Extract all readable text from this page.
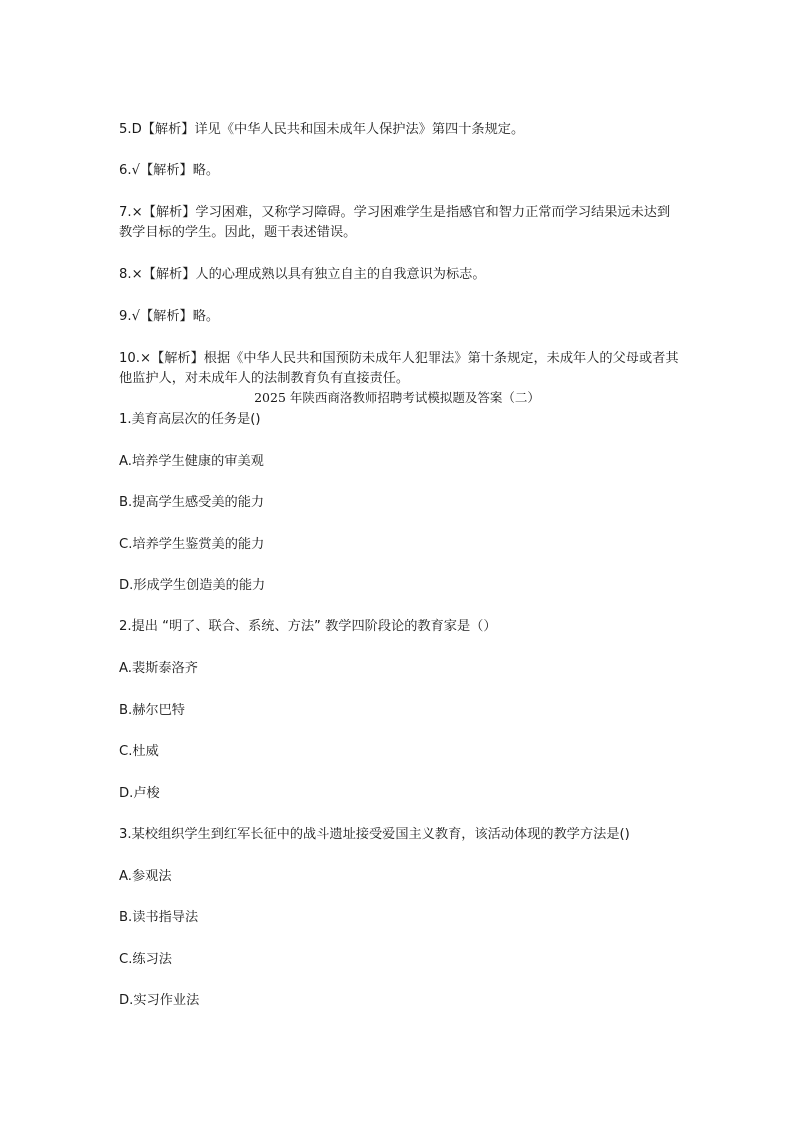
5.D【解析】详见《中华人民共和国未成年人保护法》第四十条规定。
6.√【解析】略。
7.×【解析】学习困难，又称学习障碍。学习困难学生是指感官和智力正常而学习结果远未达到教学目标的学生。因此，题干表述错误。
8.×【解析】人的心理成熟以具有独立自主的自我意识为标志。
9.√【解析】略。
10.×【解析】根据《中华人民共和国预防未成年人犯罪法》第十条规定，未成年人的父母或者其他监护人，对未成年人的法制教育负有直接责任。
2025 年陕西商洛教师招聘考试模拟题及答案（二）
1.美育高层次的任务是()
A.培养学生健康的审美观
B.提高学生感受美的能力
C.培养学生鉴赏美的能力
D.形成学生创造美的能力
2.提出 “明了、联合、系统、方法” 教学四阶段论的教育家是（）
A.裴斯泰洛齐
B.赫尔巴特
C.杜威
D.卢梭
3.某校组织学生到红军长征中的战斗遗址接受爱国主义教育，该活动体现的教学方法是()
A.参观法
B.读书指导法
C.练习法
D.实习作业法
